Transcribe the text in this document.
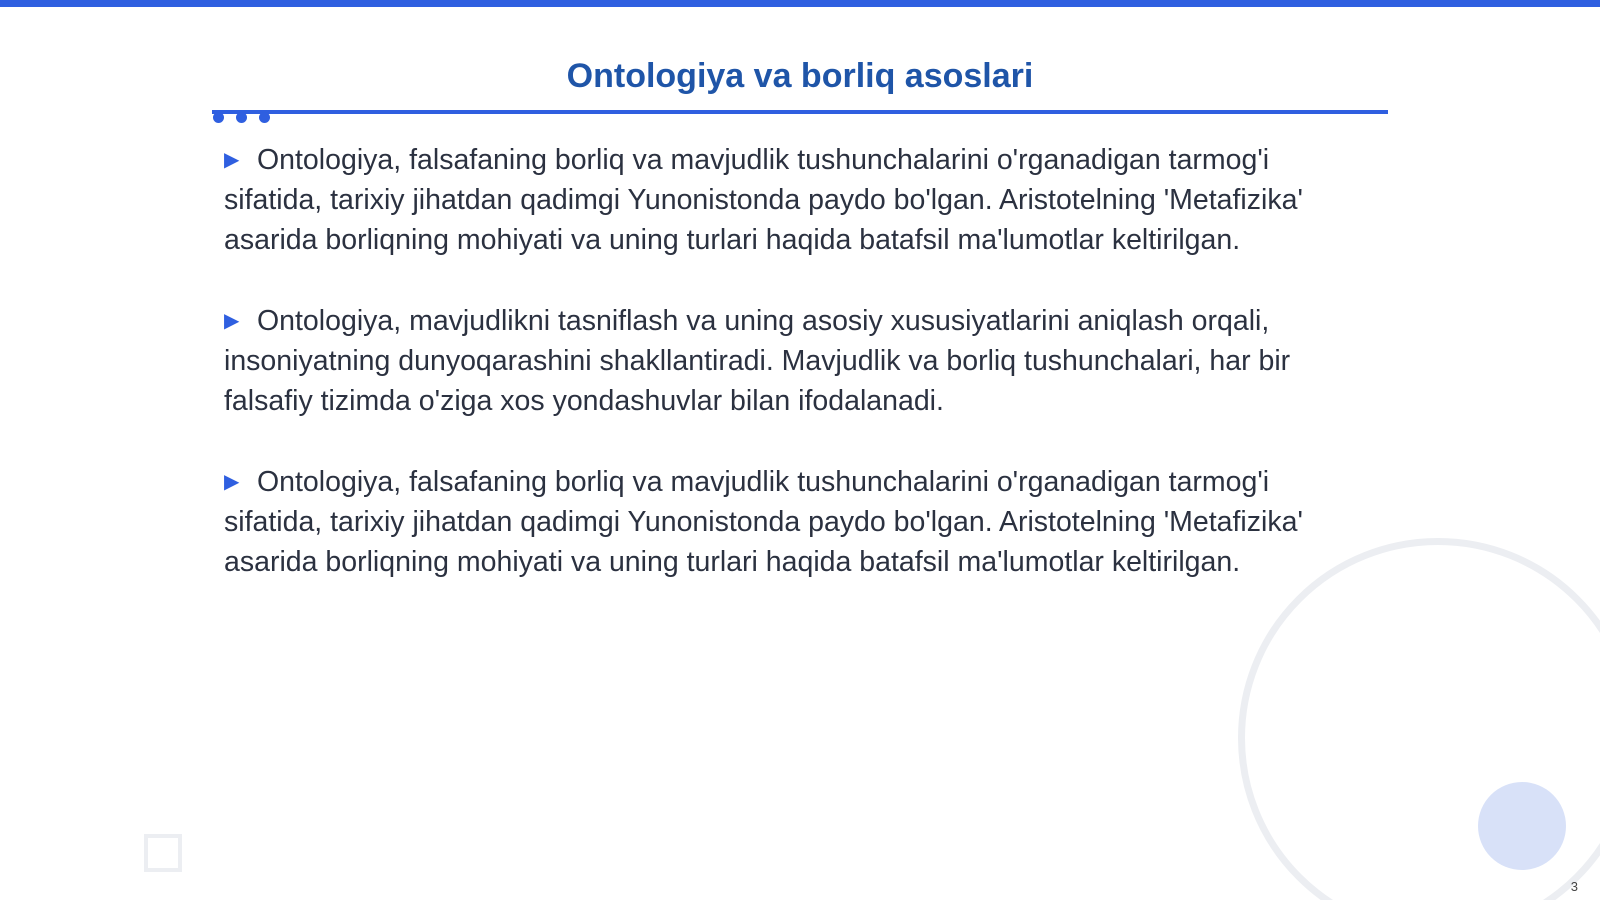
Ontologiya va borliq asoslari

▶ Ontologiya, falsafaning borliq va mavjudlik tushunchalarini o'rganadigan tarmog'i sifatida, tarixiy jihatdan qadimgi Yunonistonda paydo bo'lgan. Aristotelning 'Metafizika' asarida borliqning mohiyati va uning turlari haqida batafsil ma'lumotlar keltirilgan.

▶ Ontologiya, mavjudlikni tasniflash va uning asosiy xususiyatlarini aniqlash orqali, insoniyatning dunyoqarashini shakllantiradi. Mavjudlik va borliq tushunchalari, har bir falsafiy tizimda o'ziga xos yondashuvlar bilan ifodalanadi.

▶ Ontologiya, falsafaning borliq va mavjudlik tushunchalarini o'rganadigan tarmog'i sifatida, tarixiy jihatdan qadimgi Yunonistonda paydo bo'lgan. Aristotelning 'Metafizika' asarida borliqning mohiyati va uning turlari haqida batafsil ma'lumotlar keltirilgan.

3
